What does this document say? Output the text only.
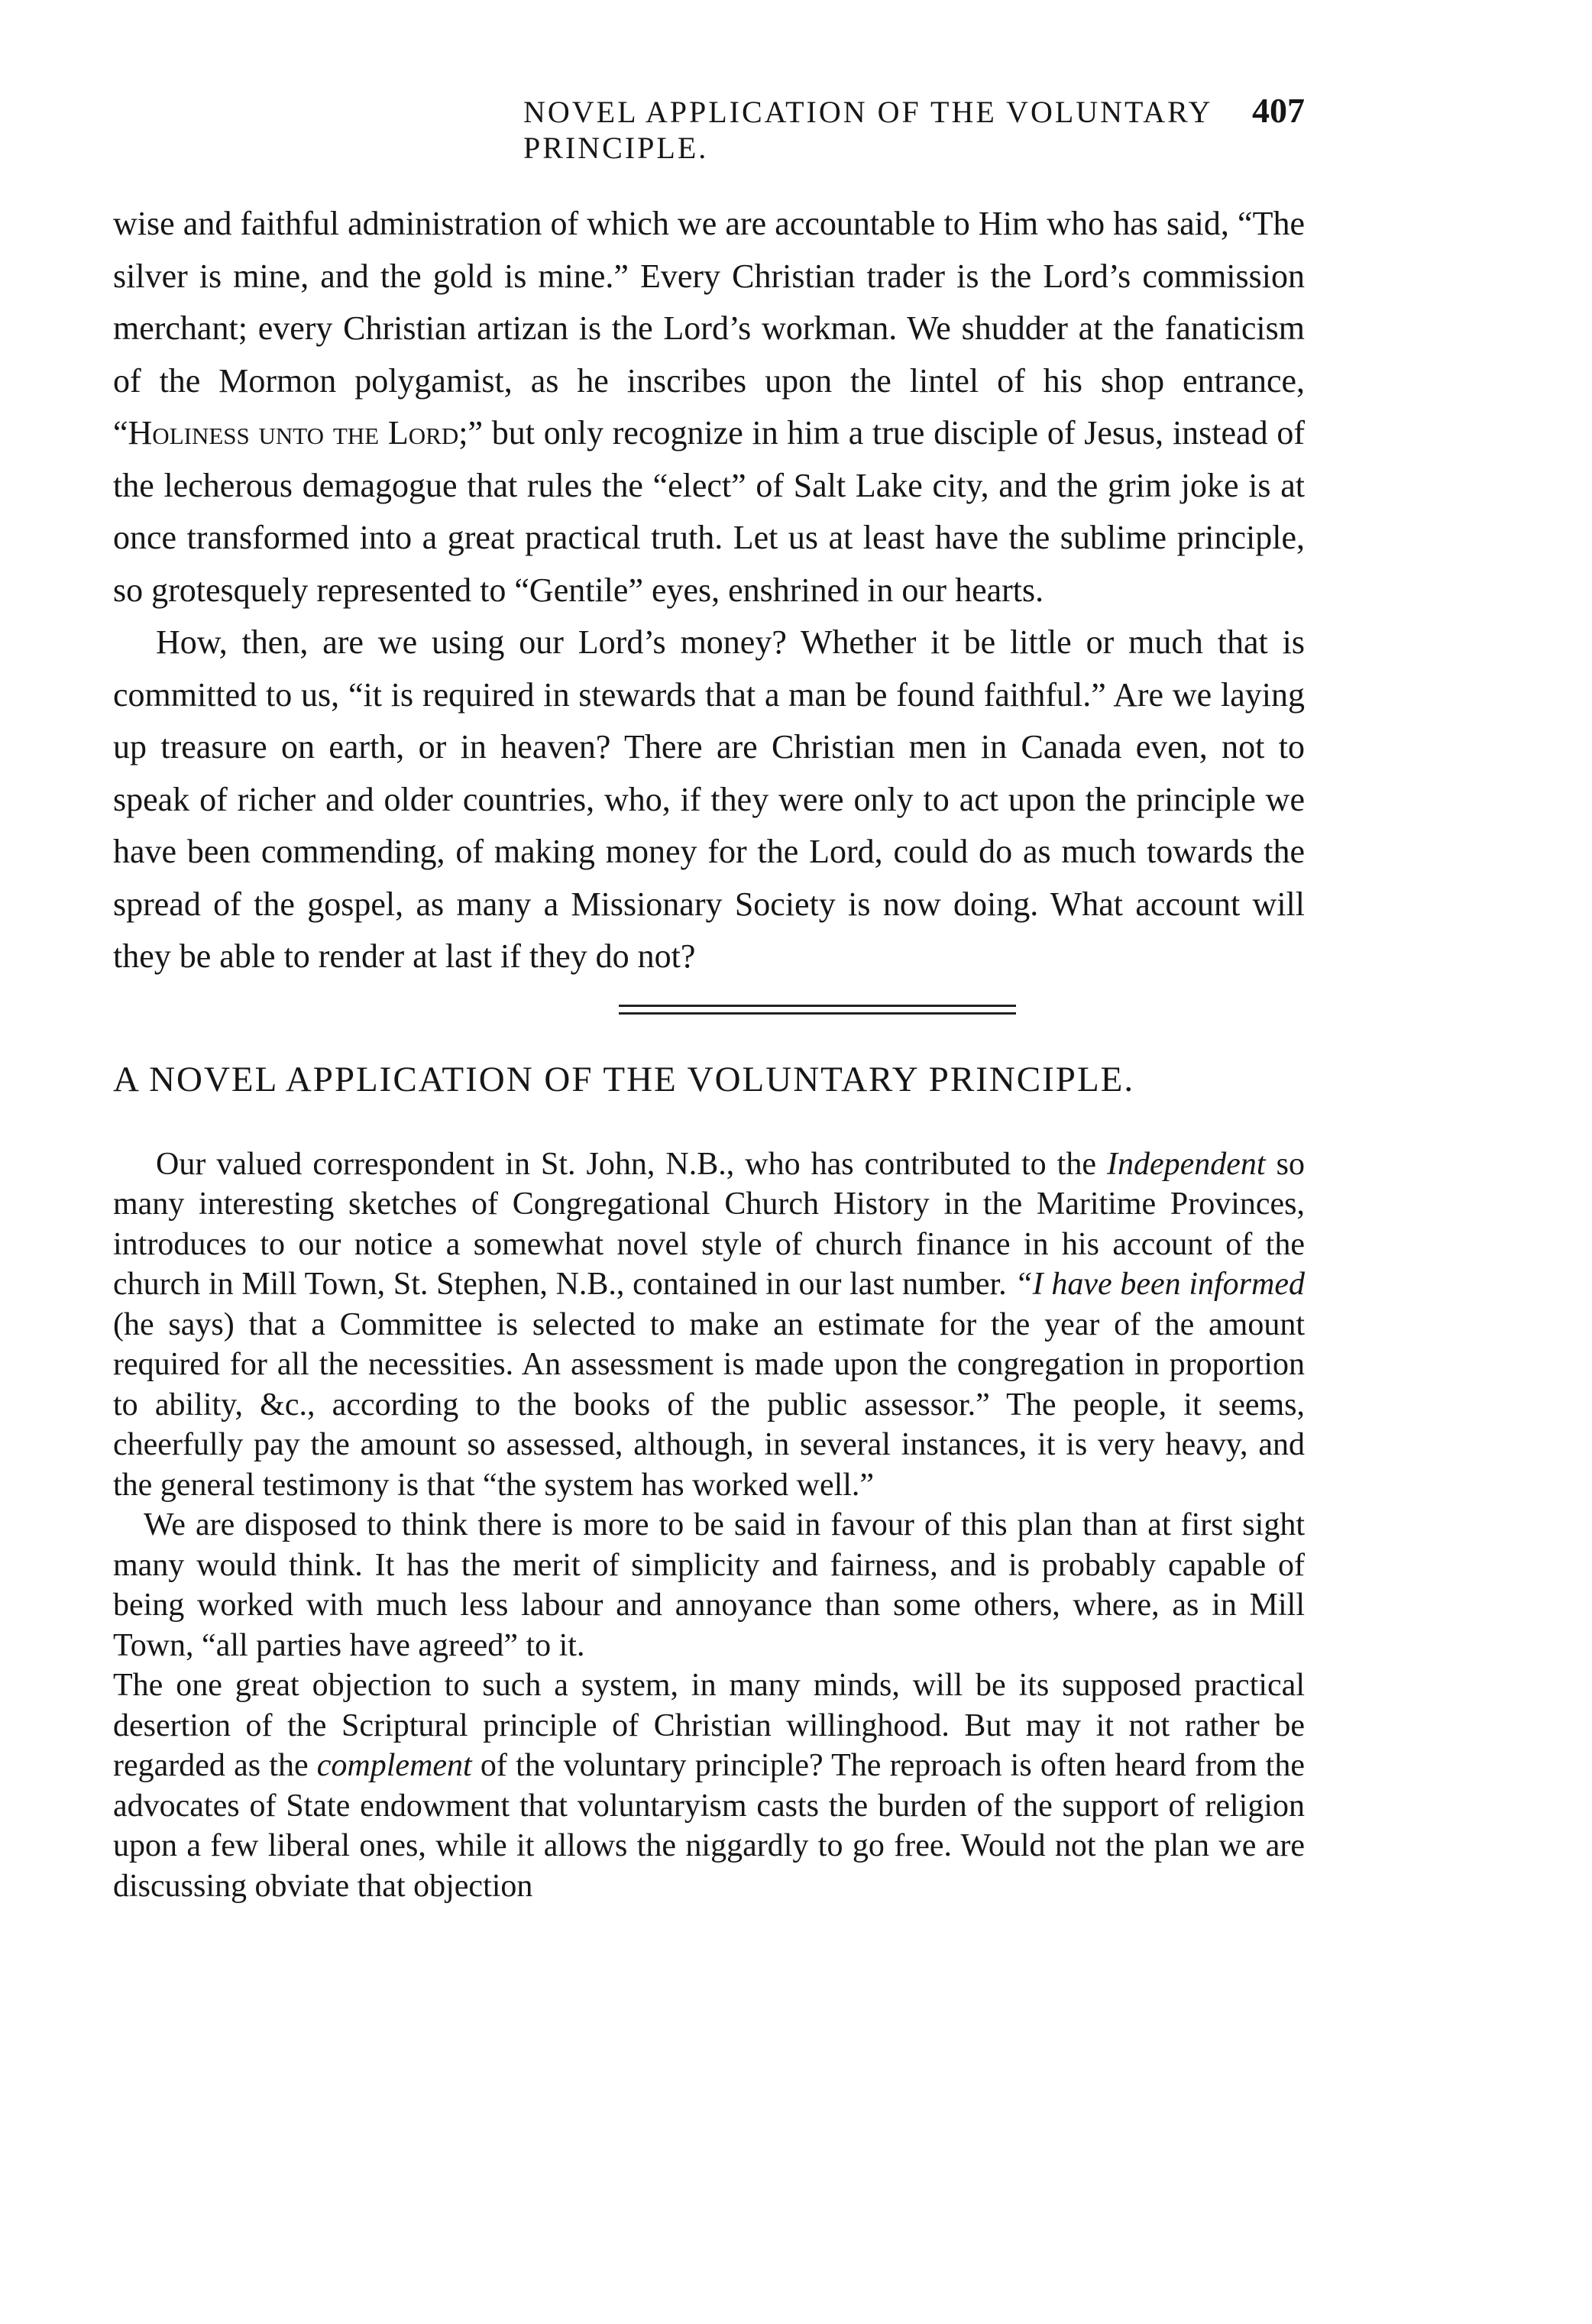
NOVEL APPLICATION OF THE VOLUNTARY PRINCIPLE.
407

wise and faithful administration of which we are accountable to Him who has said, “The silver is mine, and the gold is mine.” Every Christian trader is the Lord’s commission merchant; every Christian artizan is the Lord’s workman. We shudder at the fanaticism of the Mormon polygamist, as he inscribes upon the lintel of his shop entrance, “Holiness unto the Lord;” but only recognize in him a true disciple of Jesus, instead of the lecherous demagogue that rules the “elect” of Salt Lake city, and the grim joke is at once transformed into a great practical truth. Let us at least have the sublime principle, so grotesquely represented to “Gentile” eyes, enshrined in our hearts.

How, then, are we using our Lord’s money? Whether it be little or much that is committed to us, “it is required in stewards that a man be found faithful.” Are we laying up treasure on earth, or in heaven? There are Christian men in Canada even, not to speak of richer and older countries, who, if they were only to act upon the principle we have been commending, of making money for the Lord, could do as much towards the spread of the gospel, as many a Missionary Society is now doing. What account will they be able to render at last if they do not?

A NOVEL APPLICATION OF THE VOLUNTARY PRINCIPLE.

Our valued correspondent in St. John, N.B., who has contributed to the Independent so many interesting sketches of Congregational Church History in the Maritime Provinces, introduces to our notice a somewhat novel style of church finance in his account of the church in Mill Town, St. Stephen, N.B., contained in our last number. “I have been informed (he says) that a Committee is selected to make an estimate for the year of the amount required for all the necessities. An assessment is made upon the congregation in proportion to ability, &c., according to the books of the public assessor.” The people, it seems, cheerfully pay the amount so assessed, although, in several instances, it is very heavy, and the general testimony is that “the system has worked well.”

We are disposed to think there is more to be said in favour of this plan than at first sight many would think. It has the merit of simplicity and fairness, and is probably capable of being worked with much less labour and annoyance than some others, where, as in Mill Town, “all parties have agreed” to it.

The one great objection to such a system, in many minds, will be its supposed practical desertion of the Scriptural principle of Christian willinghood. But may it not rather be regarded as the complement of the voluntary principle? The reproach is often heard from the advocates of State endowment that voluntaryism casts the burden of the support of religion upon a few liberal ones, while it allows the niggardly to go free. Would not the plan we are discussing obviate that objection
